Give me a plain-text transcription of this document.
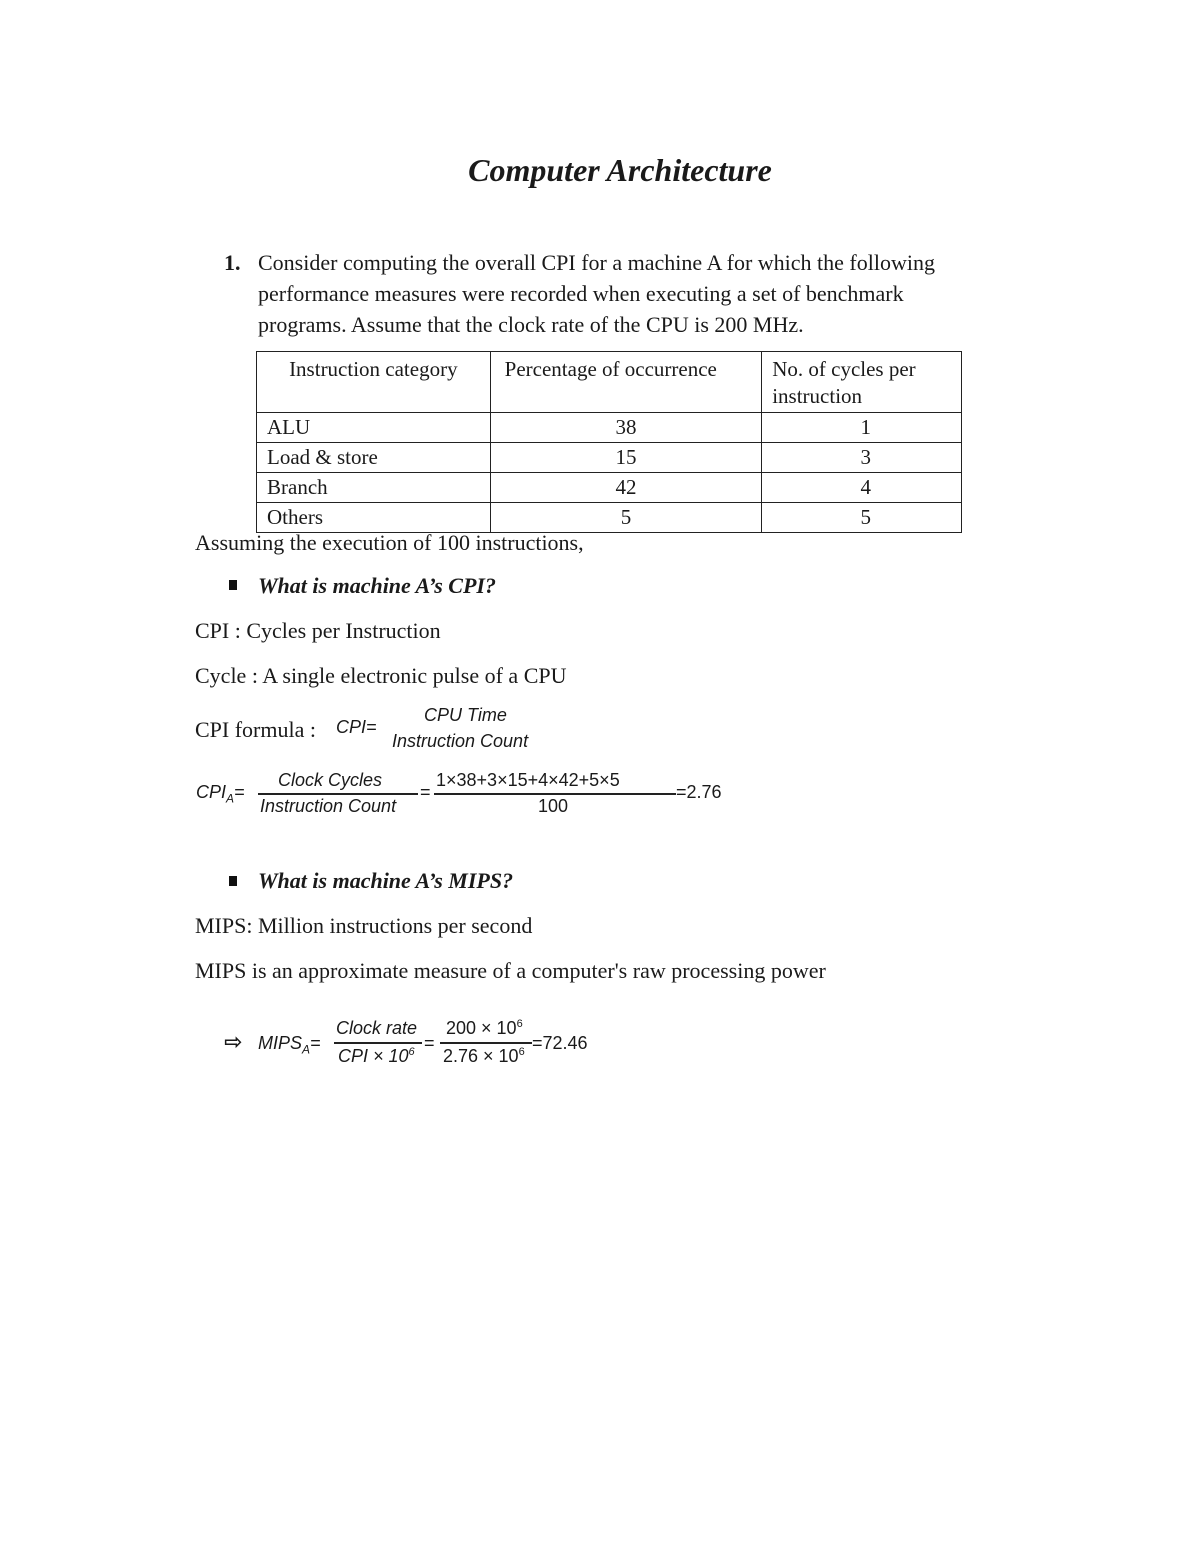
Computer Architecture
1. Consider computing the overall CPI for a machine A for which the following
performance measures were recorded when executing a set of benchmark
programs. Assume that the clock rate of the CPU is 200 MHz.
Instruction category	Percentage of occurrence	No. of cycles per
instruction
ALU	38	1
Load & store	15	3
Branch	42	4
Others	5	5
Assuming the execution of 100 instructions,
What is machine A’s CPI?
CPI : Cycles per Instruction
Cycle : A single electronic pulse of a CPU
CPI formula : CPI=
CPU Time
Instruction Count
$CPI_A=$
Clock Cycles
Instruction Count
=
1×38+3×15+4×42+5×5
100
=2.76
What is machine A’s MIPS?
MIPS: Million instructions per second
MIPS is an approximate measure of a computer's raw processing power
⇨ $MIPS_A=$
Clock rate
CPI × $10^6$ =
$200 \times 10^6$
$2.76 \times 10^6 =72.46$
